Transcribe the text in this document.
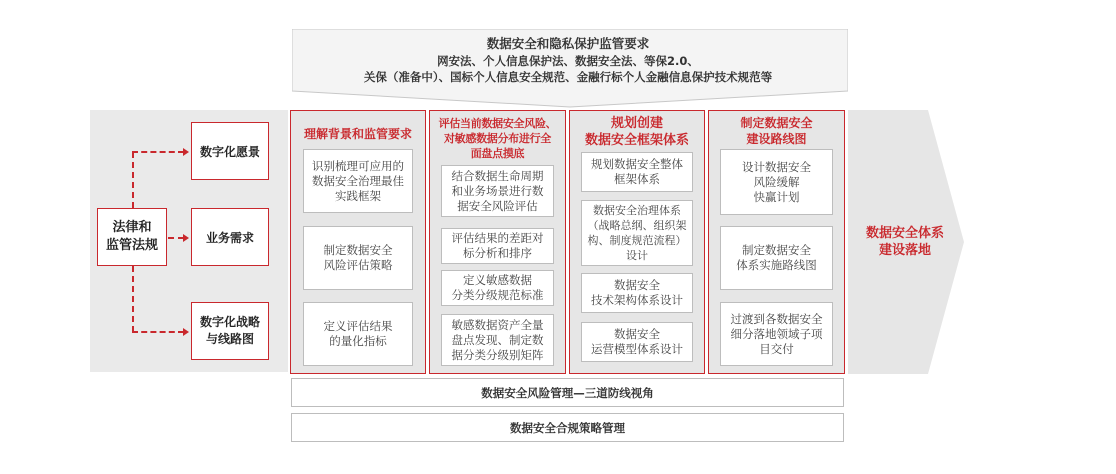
数据安全和隐私保护监管要求
网安法、个人信息保护法、数据安全法、等保2.0、
关保（准备中）、国标个人信息安全规范、金融行标个人金融信息保护技术规范等
法律和
监管法规
数字化愿景
业务需求
数字化战略
与线路图
理解背景和监管要求
识别梳理可应用的
数据安全治理最佳
实践框架
制定数据安全
风险评估策略
定义评估结果
的量化指标
评估当前数据安全风险、
对敏感数据分布进行全
面盘点摸底
结合数据生命周期
和业务场景进行数
据安全风险评估
评估结果的差距对
标分析和排序
定义敏感数据
分类分级规范标准
敏感数据资产全量
盘点发现、制定数
据分类分级别矩阵
规划创建
数据安全框架体系
规划数据安全整体
框架体系
数据安全治理体系
（战略总纲、组织架
构、制度规范流程）
设计
数据安全
技术架构体系设计
数据安全
运营模型体系设计
制定数据安全
建设路线图
设计数据安全
风险缓解
快赢计划
制定数据安全
体系实施路线图
过渡到各数据安全
细分落地领域子项
目交付
数据安全体系
建设落地
数据安全风险管理—三道防线视角
数据安全合规策略管理
